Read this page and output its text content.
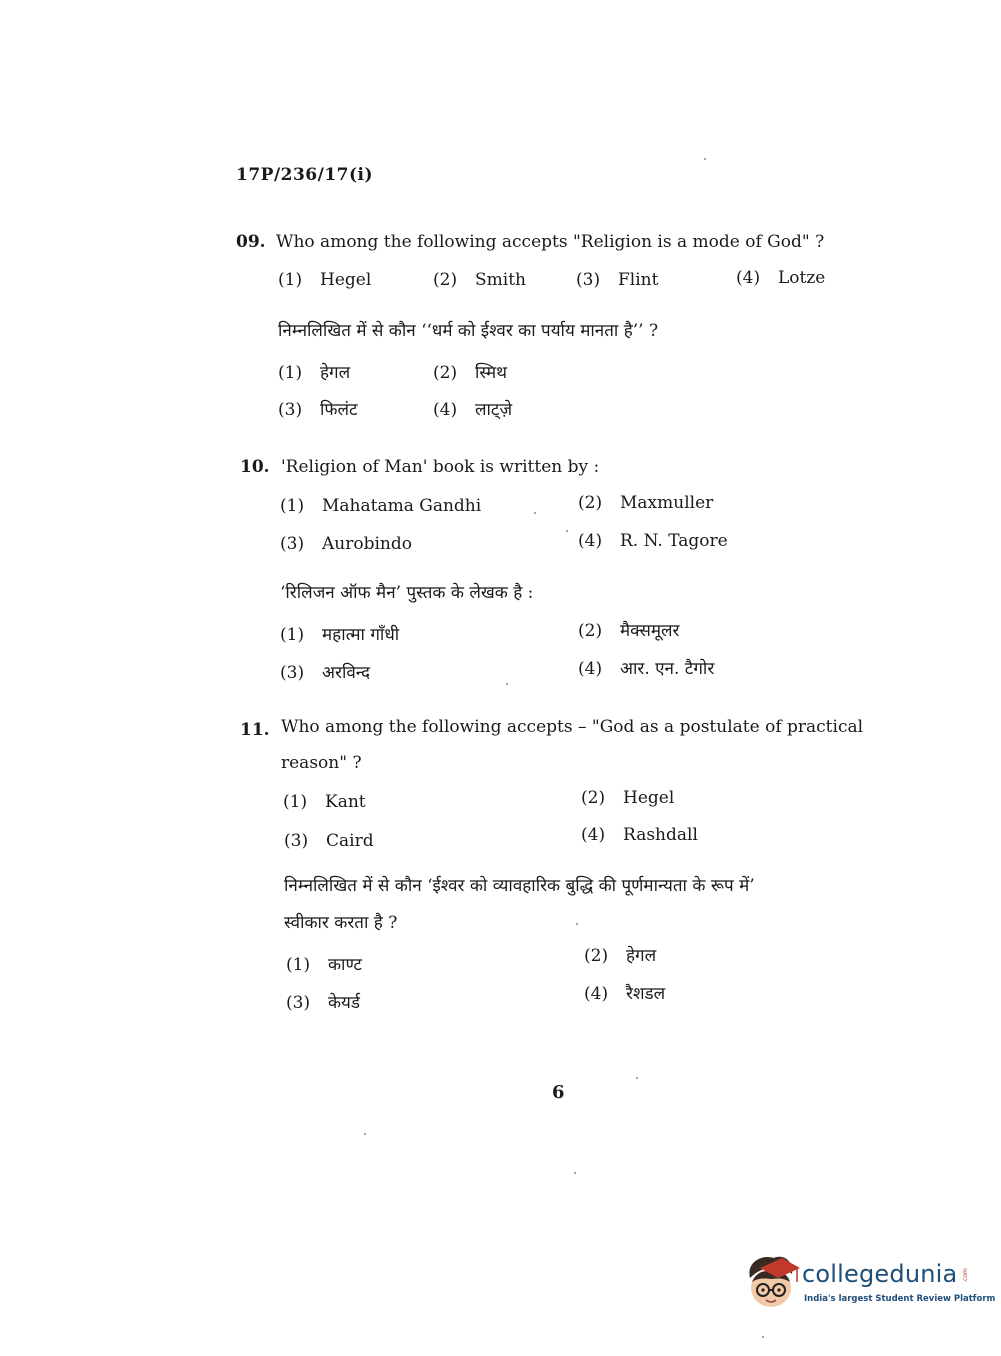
17P/236/17(i)
09. Who among the following accepts "Religion is a mode of God" ?
(1) Hegel	(2) Smith	(3) Flint	(4) Lotze
निम्नलिखित में से कौन ‘‘धर्म को ईश्वर का पर्याय मानता है’’ ?
(1) हेगल	(2) स्मिथ
(3) फिलंट	(4) लाट्ज़े
10. 'Religion of Man' book is written by :
(1) Mahatama Gandhi	(2) Maxmuller
(3) Aurobindo	(4) R. N. Tagore
‘रिलिजन ऑफ मैन’ पुस्तक के लेखक है :
(1) महात्मा गाँधी	(2) मैक्समूलर
(3) अरविन्द	(4) आर. एन. टैगोर
11. Who among the following accepts – "God as a postulate of practical
reason" ?
(1) Kant	(2) Hegel
(3) Caird	(4) Rashdall
निम्नलिखित में से कौन ‘ईश्वर को व्यावहारिक बुद्धि की पूर्णमान्यता के रूप में’
स्वीकार करता है ?
(1) काण्ट	(2) हेगल
(3) केयर्ड	(4) रैशडल
6
collegedunia .com
India's largest Student Review Platform
